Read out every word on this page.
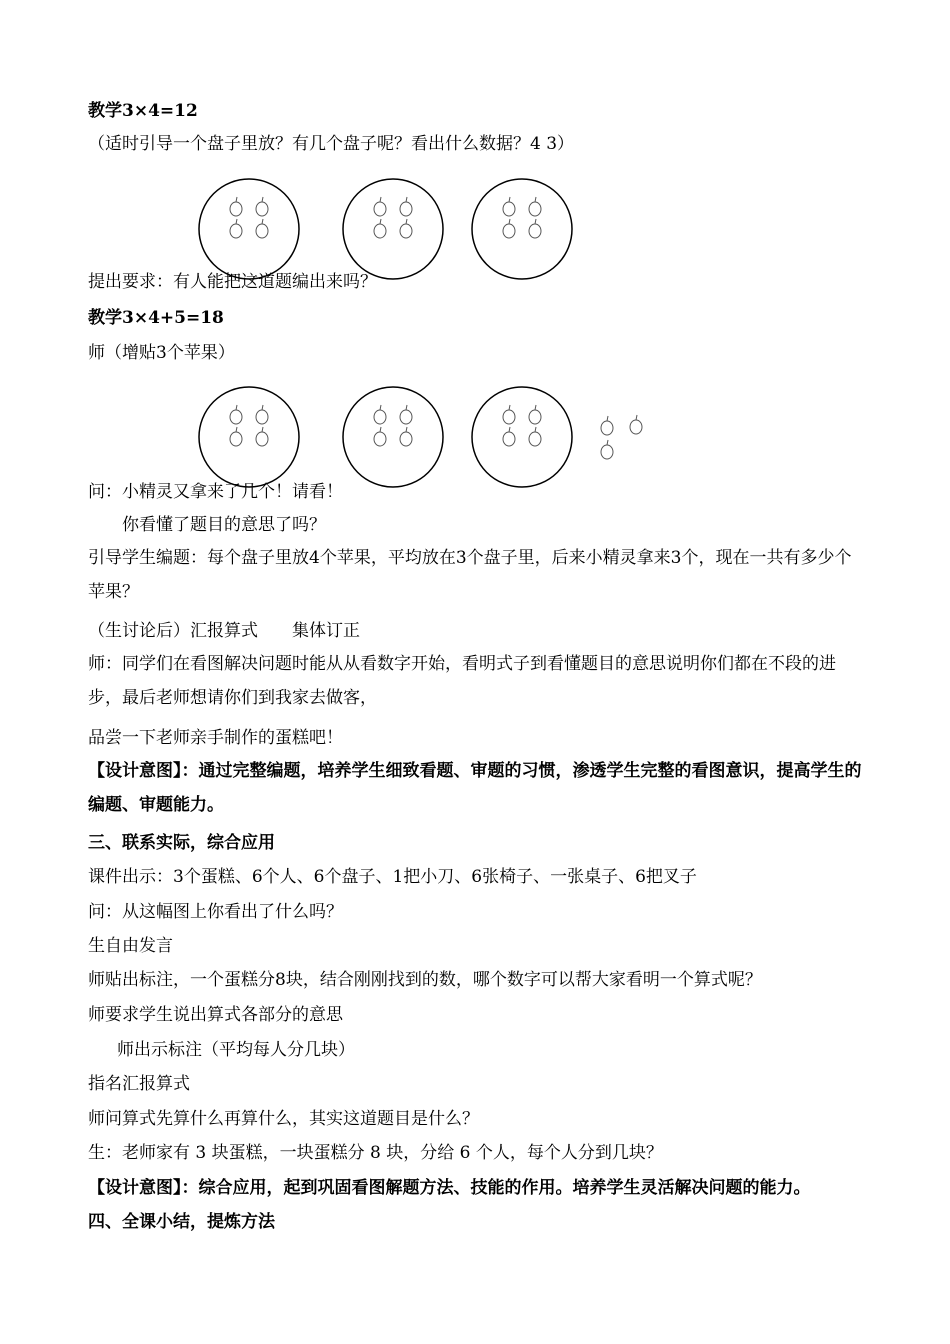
教学3×4=12
（适时引导一个盘子里放？有几个盘子呢？看出什么数据？4 3）
提出要求：有人能把这道题编出来吗？
教学3×4+5=18
师（增贴3个苹果）
问：小精灵又拿来了几个！请看！
你看懂了题目的意思了吗？
引导学生编题：每个盘子里放4个苹果，平均放在3个盘子里，后来小精灵拿来3个，现在一共有多少个苹果？
（生讨论后）汇报算式　　集体订正
师：同学们在看图解决问题时能从从看数字开始，看明式子到看懂题目的意思说明你们都在不段的进步，最后老师想请你们到我家去做客，
品尝一下老师亲手制作的蛋糕吧！
【设计意图】：通过完整编题，培养学生细致看题、审题的习惯，渗透学生完整的看图意识，提高学生的编题、审题能力。
三、联系实际，综合应用
课件出示：3个蛋糕、6个人、6个盘子、1把小刀、6张椅子、一张桌子、6把叉子
问：从这幅图上你看出了什么吗？
生自由发言
师贴出标注，一个蛋糕分8块，结合刚刚找到的数，哪个数字可以帮大家看明一个算式呢？
师要求学生说出算式各部分的意思
师出示标注（平均每人分几块）
指名汇报算式
师问算式先算什么再算什么，其实这道题目是什么？
生：老师家有 3 块蛋糕，一块蛋糕分 8 块，分给 6 个人，每个人分到几块？
【设计意图】：综合应用，起到巩固看图解题方法、技能的作用。培养学生灵活解决问题的能力。
四、全课小结，提炼方法
